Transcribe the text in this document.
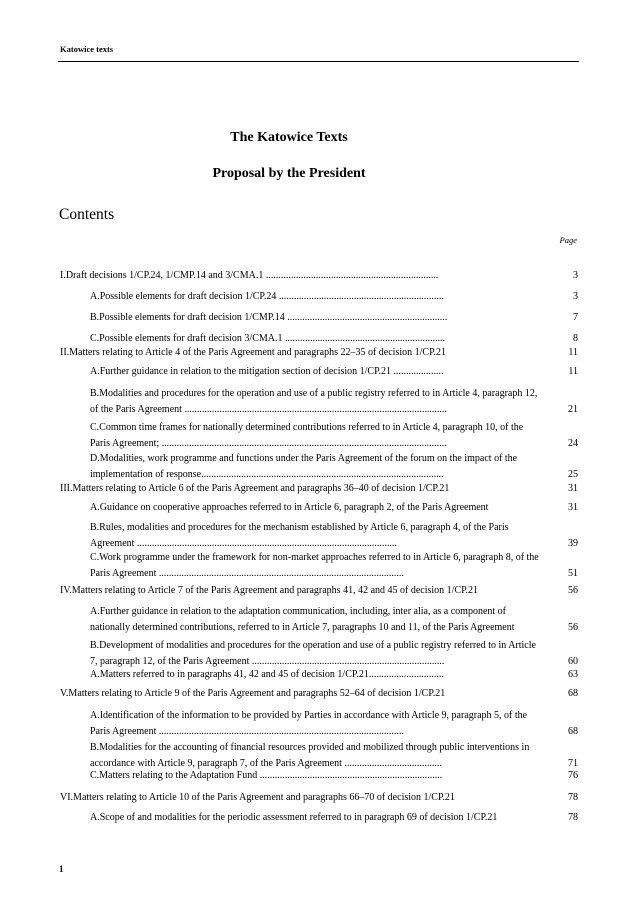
Katowice texts
The Katowice Texts
Proposal by the President
Contents
Page
I.Draft decisions 1/CP.24, 1/CMP.14 and 3/CMA.1 .....................................................................	3
A.Possible elements for draft decision 1/CP.24 ..................................................................	3
B.Possible elements for draft decision 1/CMP.14 ................................................................	7
C.Possible elements for draft decision 3/CMA.1 ................................................................	8
II.Matters relating to Article 4 of the Paris Agreement and paragraphs 22–35 of decision 1/CP.21	11
A.Further guidance in relation to the mitigation section of decision 1/CP.21 ....................	11
B.Modalities and procedures for the operation and use of a public registry referred to in Article 4, paragraph 12, of the Paris Agreement .........................................................................................................	21
C.Common time frames for nationally determined contributions referred to in Article 4, paragraph 10, of the Paris Agreement; ..................................................................................................................	24
D.Modalities, work programme and functions under the Paris Agreement of the forum on the impact of the implementation of response.................................................................................................	25
III.Matters relating to Article 6 of the Paris Agreement and paragraphs 36–40 of decision 1/CP.21	31
A.Guidance on cooperative approaches referred to in Article 6, paragraph 2, of the Paris Agreement	31
B.Rules, modalities and procedures for the mechanism established by Article 6, paragraph 4, of the Paris Agreement ........................................................................................................	39
C.Work programme under the framework for non-market approaches referred to in Article 6, paragraph 8, of the Paris Agreement ..................................................................................................	51
IV.Matters relating to Article 7 of the Paris Agreement and paragraphs 41, 42 and 45 of decision 1/CP.21	56
A.Further guidance in relation to the adaptation communication, including, inter alia, as a component of nationally determined contributions, referred to in Article 7, paragraphs 10 and 11, of the Paris Agreement	56
B.Development of modalities and procedures for the operation and use of a public registry referred to in Article 7, paragraph 12, of the Paris Agreement .............................................................................	60
A.Matters referred to in paragraphs 41, 42 and 45 of decision 1/CP.21..............................	63
V.Matters relating to Article 9 of the Paris Agreement and paragraphs 52–64 of decision 1/CP.21	68
A.Identification of the information to be provided by Parties in accordance with Article 9, paragraph 5, of the Paris Agreement ..................................................................................................	68
B.Modalities for the accounting of financial resources provided and mobilized through public interventions in accordance with Article 9, paragraph 7, of the Paris Agreement .......................................	71
C.Matters relating to the Adaptation Fund .........................................................................	76
VI.Matters relating to Article 10 of the Paris Agreement and paragraphs 66–70 of decision 1/CP.21	78
A.Scope of and modalities for the periodic assessment referred to in paragraph 69 of decision 1/CP.21	78
1
